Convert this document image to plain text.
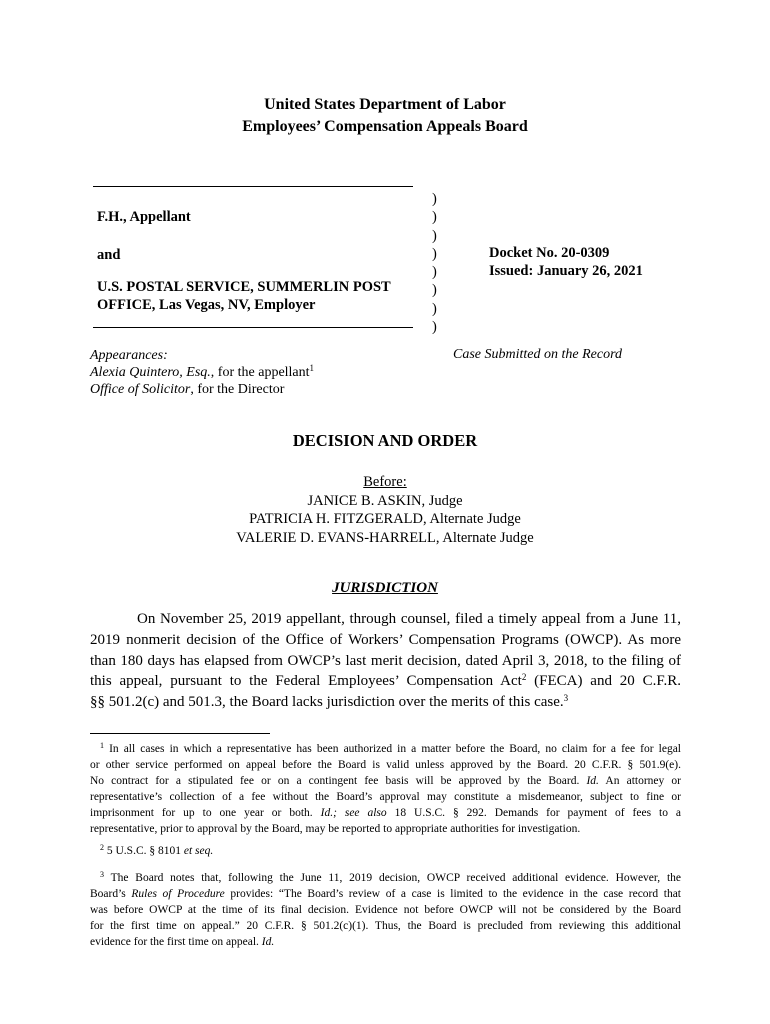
United States Department of Labor
Employees’ Compensation Appeals Board
F.H., Appellant
and
U.S. POSTAL SERVICE, SUMMERLIN POST
OFFICE, Las Vegas, NV, Employer
)
)
)
)
)
)
)
)
Docket No. 20-0309
Issued: January 26, 2021
Appearances:
Alexia Quintero, Esq., for the appellant$^1$
Office of Solicitor, for the Director
Case Submitted on the Record
DECISION AND ORDER
Before:
JANICE B. ASKIN, Judge
PATRICIA H. FITZGERALD, Alternate Judge
VALERIE D. EVANS-HARRELL, Alternate Judge
JURISDICTION
On November 25, 2019 appellant, through counsel, filed a timely appeal from a June 11,
2019 nonmerit decision of the Office of Workers’ Compensation Programs (OWCP). As more
than 180 days has elapsed from OWCP’s last merit decision, dated April 3, 2018, to the filing of
this appeal, pursuant to the Federal Employees’ Compensation Act$^2$ (FECA) and 20 C.F.R.
§§ 501.2(c) and 501.3, the Board lacks jurisdiction over the merits of this case.$^3$
$^1$ In all cases in which a representative has been authorized in a matter before the Board, no claim for a fee for legal
or other service performed on appeal before the Board is valid unless approved by the Board. 20 C.F.R. § 501.9(e).
No contract for a stipulated fee or on a contingent fee basis will be approved by the Board. Id. An attorney or
representative’s collection of a fee without the Board’s approval may constitute a misdemeanor, subject to fine or
imprisonment for up to one year or both. Id.; see also 18 U.S.C. § 292. Demands for payment of fees to a
representative, prior to approval by the Board, may be reported to appropriate authorities for investigation.
$^2$ 5 U.S.C. § 8101 et seq.
$^3$ The Board notes that, following the June 11, 2019 decision, OWCP received additional evidence. However, the
Board’s Rules of Procedure provides: “The Board’s review of a case is limited to the evidence in the case record that
was before OWCP at the time of its final decision. Evidence not before OWCP will not be considered by the Board
for the first time on appeal.” 20 C.F.R. § 501.2(c)(1). Thus, the Board is precluded from reviewing this additional
evidence for the first time on appeal. Id.
